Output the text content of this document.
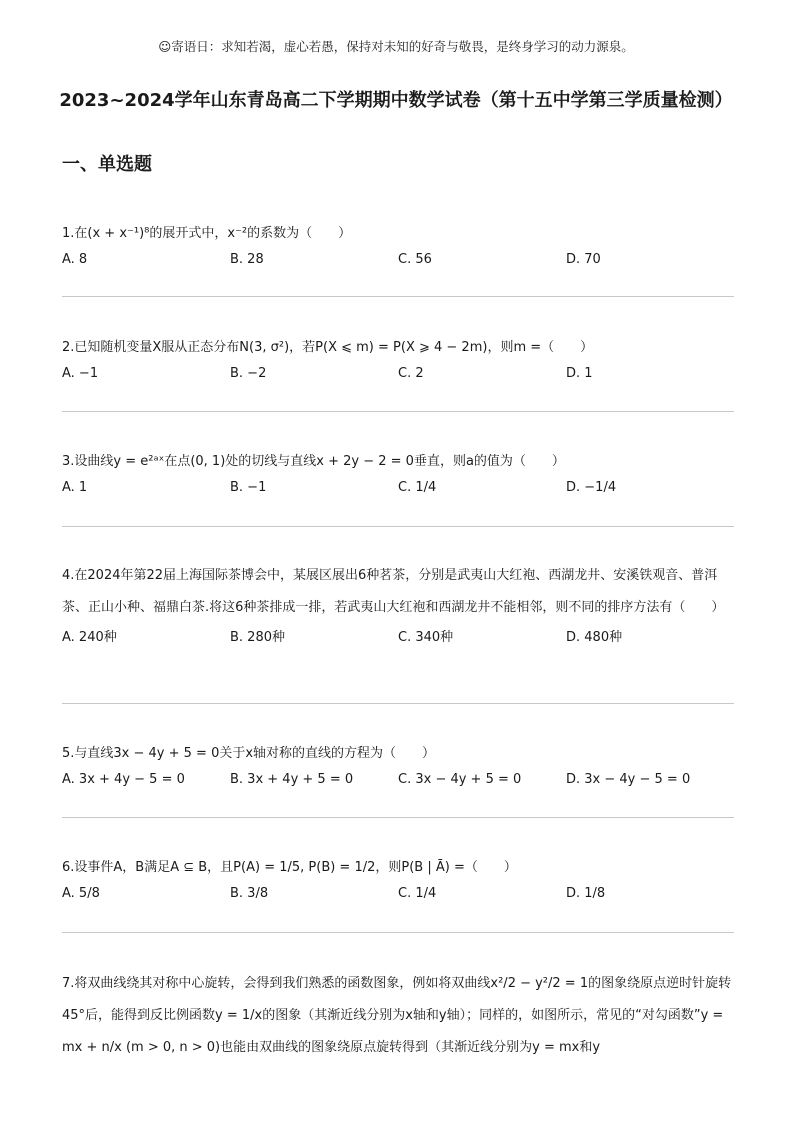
☺寄语日：求知若渴，虚心若愚，保持对未知的好奇与敬畏，是终身学习的动力源泉。
2023~2024学年山东青岛高二下学期期中数学试卷（第十五中学第三学质量检测）
一、单选题
1.在(x + x⁻¹)⁸的展开式中，x⁻²的系数为（　　）
A. 8	B. 28	C. 56	D. 70
2.已知随机变量X服从正态分布N(3, σ²)，若P(X ⩽ m) = P(X ⩾ 4 − 2m)，则m =（　　）
A. −1	B. −2	C. 2	D. 1
3.设曲线y = e²ᵃˣ在点(0, 1)处的切线与直线x + 2y − 2 = 0垂直，则a的值为（　　）
A. 1	B. −1	C. 1/4	D. −1/4
4.在2024年第22届上海国际茶博会中，某展区展出6种茗茶，分别是武夷山大红袍、西湖龙井、安溪铁观音、普洱茶、正山小种、福鼎白茶.将这6种茶排成一排，若武夷山大红袍和西湖龙井不能相邻，则不同的排序方法有（　　）
A. 240种	B. 280种	C. 340种	D. 480种
5.与直线3x − 4y + 5 = 0关于x轴对称的直线的方程为（　　）
A. 3x + 4y − 5 = 0	B. 3x + 4y + 5 = 0	C. 3x − 4y + 5 = 0	D. 3x − 4y − 5 = 0
6.设事件A，B满足A ⊆ B，且P(A) = 1/5, P(B) = 1/2，则P(B | Ā) =（　　）
A. 5/8	B. 3/8	C. 1/4	D. 1/8
7.将双曲线绕其对称中心旋转，会得到我们熟悉的函数图象，例如将双曲线x²/2 − y²/2 = 1的图象绕原点逆时针旋转45°后，能得到反比例函数y = 1/x的图象（其渐近线分别为x轴和y轴）；同样的，如图所示，常见的“对勾函数”y = mx + n/x (m > 0, n > 0)也能由双曲线的图象绕原点旋转得到（其渐近线分别为y = mx和y
